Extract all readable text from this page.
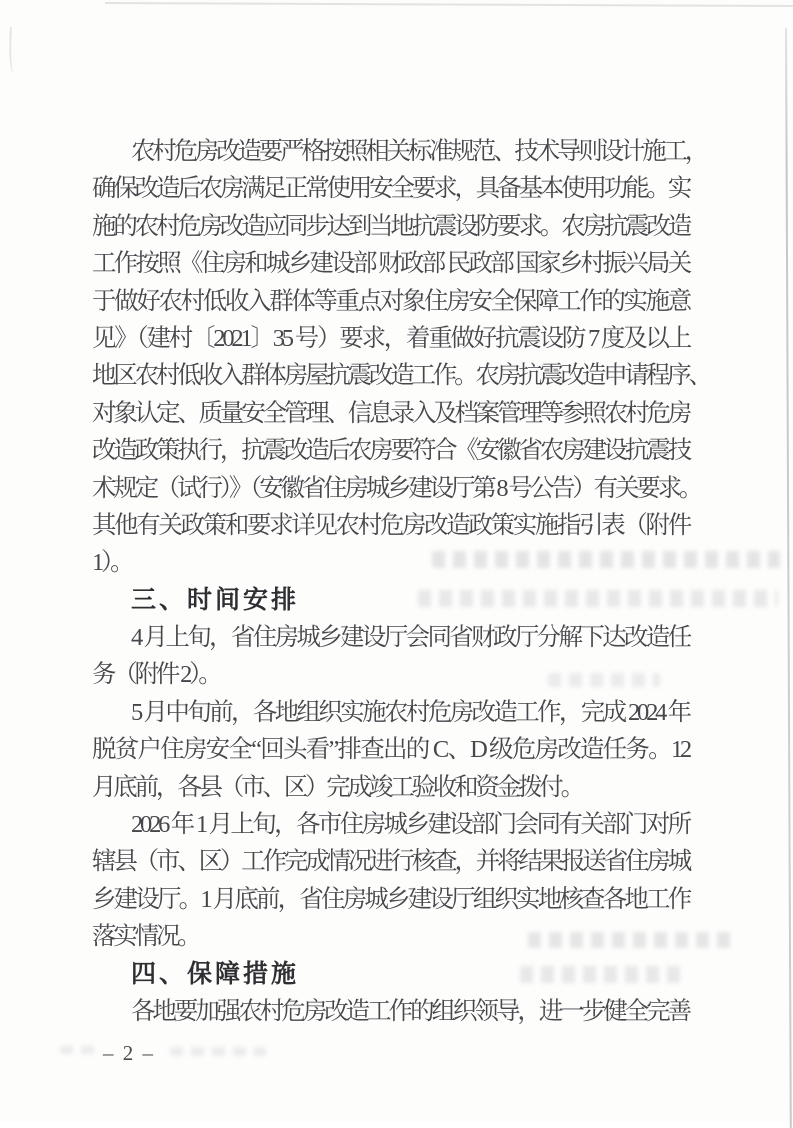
农村危房改造要严格按照相关标准规范、技术导则设计施工，
确保改造后农房满足正常使用安全要求，具备基本使用功能。实
施的农村危房改造应同步达到当地抗震设防要求。农房抗震改造
工作按照《住房和城乡建设部 财政部 民政部 国家乡村振兴局关
于做好农村低收入群体等重点对象住房安全保障工作的实施意
见》（建村〔2021〕35 号）要求，着重做好抗震设防 7 度及以上
地区农村低收入群体房屋抗震改造工作。农房抗震改造申请程序、
对象认定、质量安全管理、信息录入及档案管理等参照农村危房
改造政策执行，抗震改造后农房要符合《安徽省农房建设抗震技
术规定（试行）》（安徽省住房城乡建设厅第 8 号公告）有关要求。
其他有关政策和要求详见农村危房改造政策实施指引表（附件
1）。
三、时间安排
4 月上旬，省住房城乡建设厅会同省财政厅分解下达改造任
务（附件 2）。
5 月中旬前，各地组织实施农村危房改造工作，完成 2024 年
脱贫户住房安全“回头看”排查出的 C、D 级危房改造任务。12
月底前，各县（市、区）完成竣工验收和资金拨付。
2026 年 1 月上旬，各市住房城乡建设部门会同有关部门对所
辖县（市、区）工作完成情况进行核查，并将结果报送省住房城
乡建设厅。1 月底前，省住房城乡建设厅组织实地核查各地工作
落实情况。
四、保障措施
各地要加强农村危房改造工作的组织领导，进一步健全完善
– 2 –
